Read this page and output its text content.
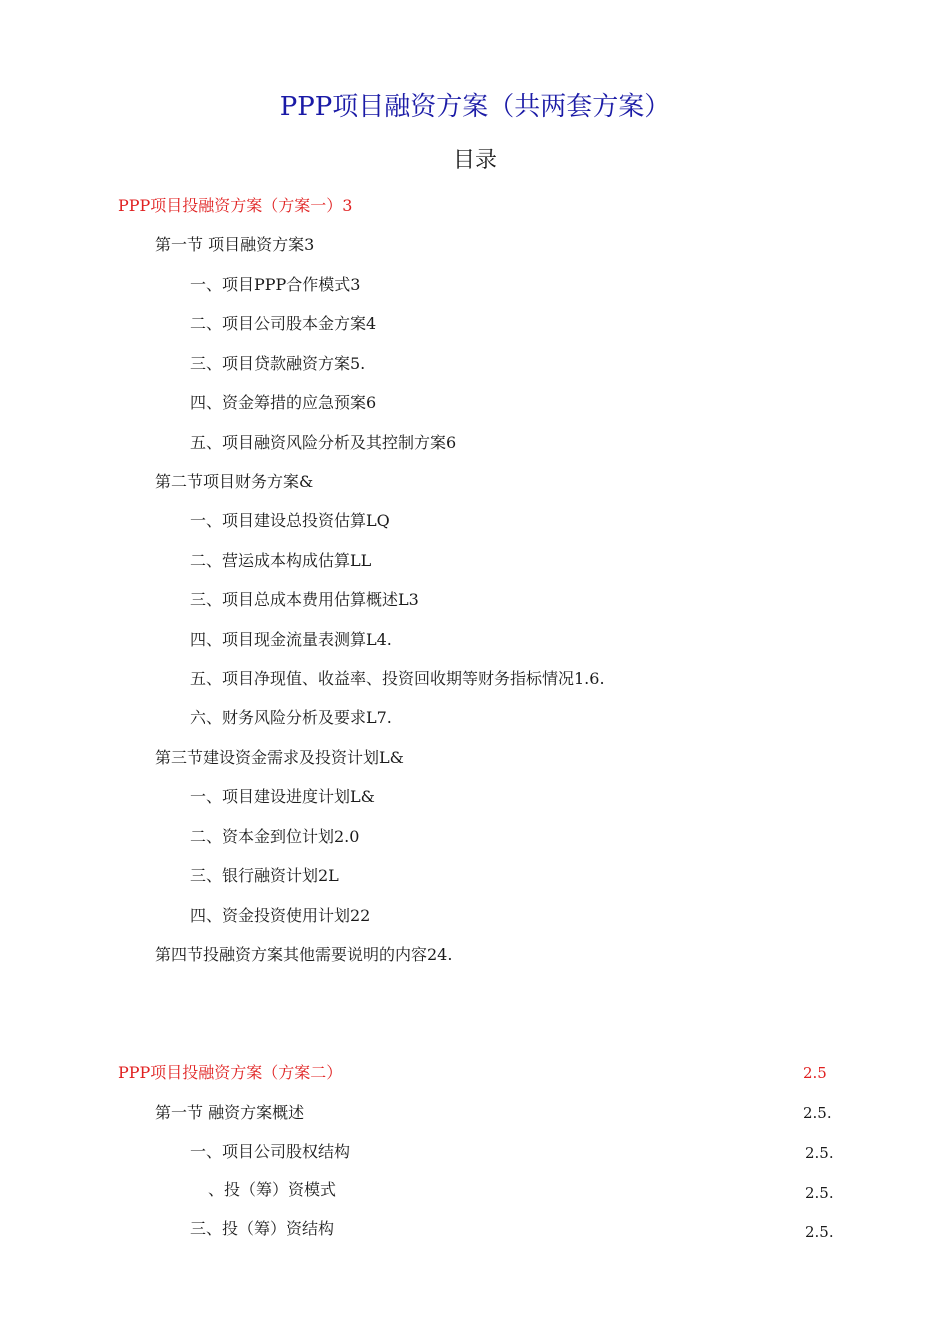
PPP项目融资方案（共两套方案）
目录
PPP项目投融资方案（方案一）3
第一节 项目融资方案3
一、项目PPP合作模式3
二、项目公司股本金方案4
三、项目贷款融资方案5.
四、资金筹措的应急预案6
五、项目融资风险分析及其控制方案6
第二节项目财务方案&
一、项目建设总投资估算LQ
二、营运成本构成估算LL
三、项目总成本费用估算概述L3
四、项目现金流量表测算L4.
五、项目净现值、收益率、投资回收期等财务指标情况1.6.
六、财务风险分析及要求L7.
第三节建设资金需求及投资计划L&
一、项目建设进度计划L&
二、资本金到位计划2.0
三、银行融资计划2L
四、资金投资使用计划22
第四节投融资方案其他需要说明的内容24.
PPP项目投融资方案（方案二）	2.5
第一节 融资方案概述	2.5.
一、项目公司股权结构	2.5.
、投（筹）资模式	2.5.
三、投（筹）资结构	2.5.
